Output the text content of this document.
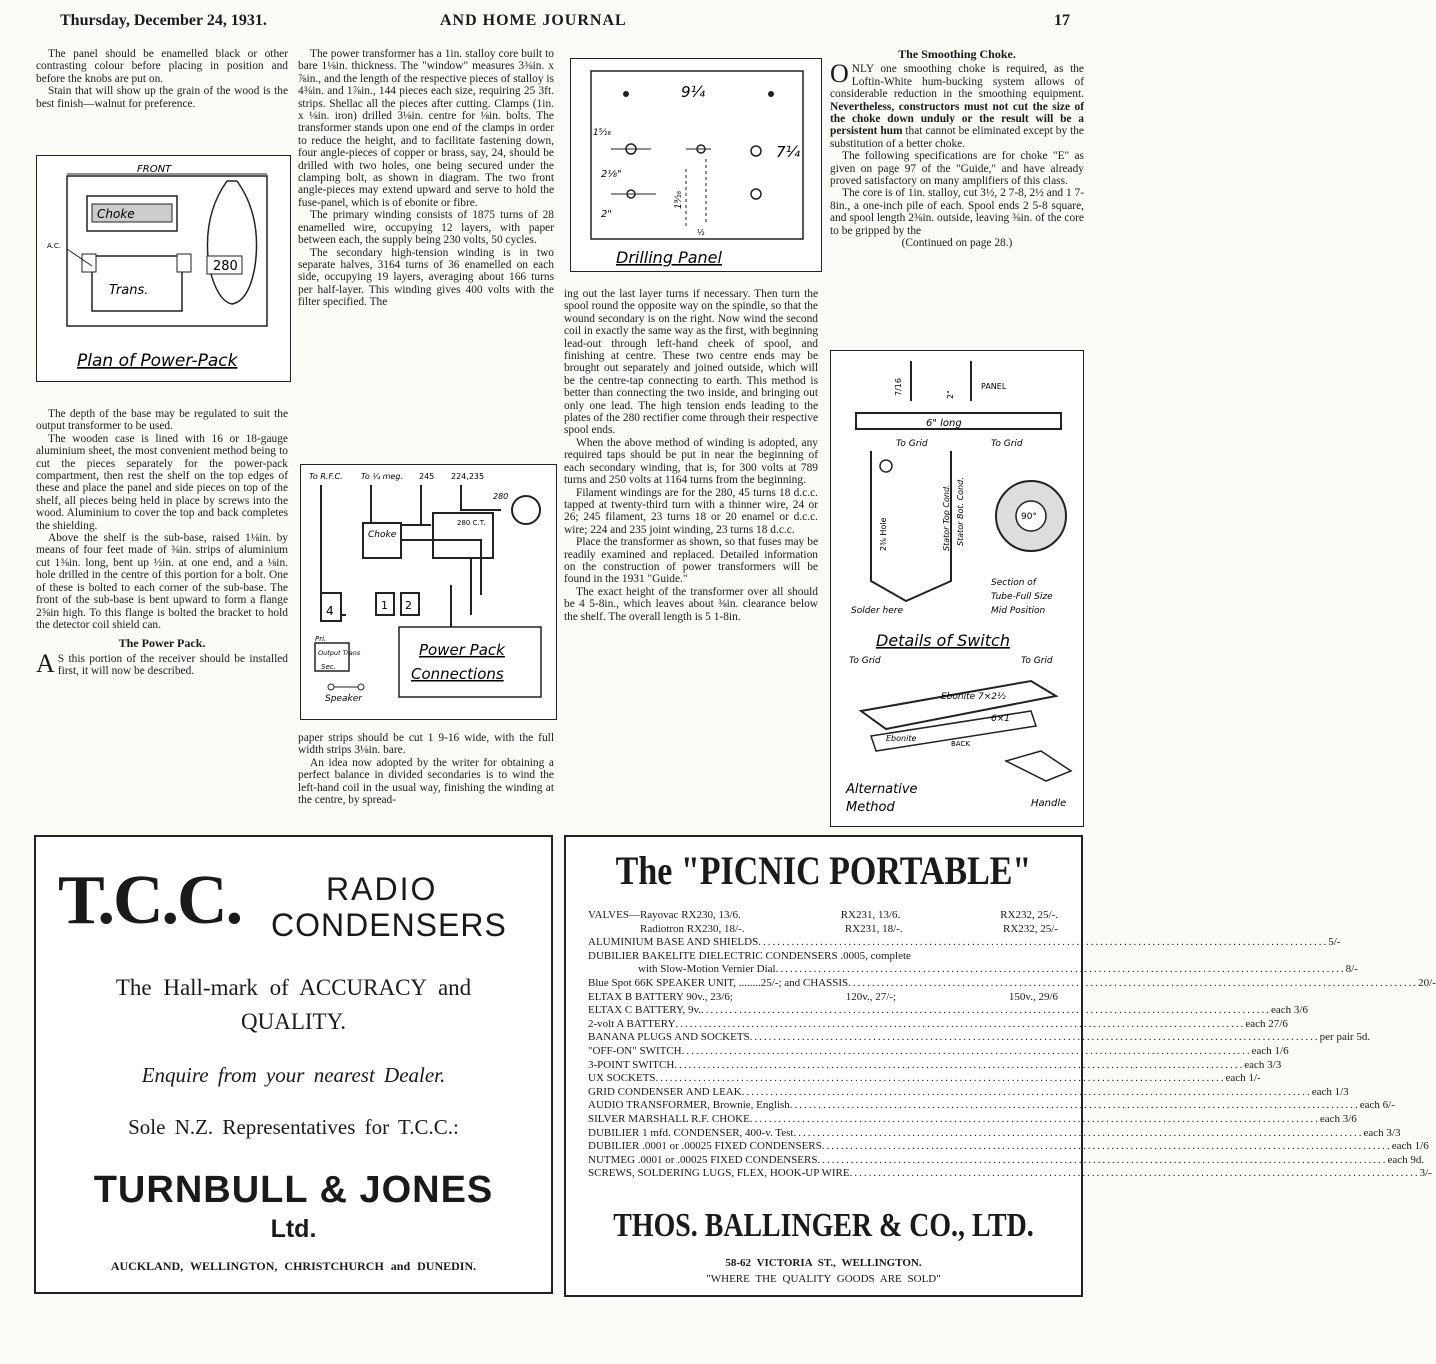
Thursday, December 24, 1931.	AND HOME JOURNAL	17

The panel should be enamelled black or other contrasting colour before placing in position and before the knobs are put on.

Stain that will show up the grain of the wood is the best finish—walnut for preference.

FRONT
Choke
Trans.
280
A.C.
Plan of Power-Pack

The depth of the base may be regulated to suit the output transformer to be used.

The wooden case is lined with 16 or 18-gauge aluminium sheet, the most convenient method being to cut the pieces separately for the power-pack compartment, then rest the shelf on the top edges of these and place the panel and side pieces on top of the shelf, all pieces being held in place by screws into the wood. Aluminium to cover the top and back completes the shielding.

Above the shelf is the sub-base, raised 1⅛in. by means of four feet made of ⅜in. strips of aluminium cut 1⅜in. long, bent up ½in. at one end, and a ⅛in. hole drilled in the centre of this portion for a bolt. One of these is bolted to each corner of the sub-base. The front of the sub-base is bent upward to form a flange 2⅝in high. To this flange is bolted the bracket to hold the detector coil shield can.

The Power Pack.

A S this portion of the receiver should be installed first, it will now be described.

The power transformer has a 1in. stalloy core built to bare 1⅛in. thickness. The "window" measures 3⅜in. x ⅞in., and the length of the respective pieces of stalloy is 4⅜in. and 1⅞in., 144 pieces each size, requiring 25 3ft. strips. Shellac all the pieces after cutting. Clamps (1in. x ⅛in. iron) drilled 3⅛in. centre for ⅛in. bolts. The transformer stands upon one end of the clamps in order to reduce the height, and to facilitate fastening down, four angle-pieces of copper or brass, say, 24, should be drilled with two holes, one being secured under the clamping bolt, as shown in diagram. The two front angle-pieces may extend upward and serve to hold the fuse-panel, which is of ebonite or fibre.

The primary winding consists of 1875 turns of 28 enamelled wire, occupying 12 layers, with paper between each, the supply being 230 volts, 50 cycles.

The secondary high-tension winding is in two separate halves, 3164 turns of 36 enamelled on each side, occupying 19 layers, averaging about 166 turns per half-layer. This winding gives 400 volts with the filter specified. The

To R.F.C. To ¼ meg. 245 224,235
280
280 C.T.
Choke
4	1 2
Pri.
Output Trans
Sec.
Speaker
Power Pack
Connections

paper strips should be cut 1 9-16 wide, with the full width strips 3⅛in. bare.

An idea now adopted by the writer for obtaining a perfect balance in divided secondaries is to wind the left-hand coil in the usual way, finishing the winding at the centre, by spread-

9¼
1⁵⁄₁₆
7¼
2⅛"
2"
1⁹⁄₁₆
½
Drilling Panel

ing out the last layer turns if necessary. Then turn the spool round the opposite way on the spindle, so that the wound secondary is on the right. Now wind the second coil in exactly the same way as the first, with beginning lead-out through left-hand cheek of spool, and finishing at centre. These two centre ends may be brought out separately and joined outside, which will be the centre-tap connecting to earth. This method is better than connecting the two inside, and bringing out only one lead. The high tension ends leading to the plates of the 280 rectifier come through their respective spool ends.

When the above method of winding is adopted, any required taps should be put in near the beginning of each secondary winding, that is, for 300 volts at 789 turns and 250 volts at 1164 turns from the beginning.

Filament windings are for the 280, 45 turns 18 d.c.c. tapped at twenty-third turn with a thinner wire, 24 or 26; 245 filament, 23 turns 18 or 20 enamel or d.c.c. wire; 224 and 235 joint winding, 23 turns 18 d.c.c.

Place the transformer as shown, so that fuses may be readily examined and replaced. Detailed information on the construction of power transformers will be found in the 1931 "Guide."

The exact height of the transformer over all should be 4 5-8in., which leaves about ⅜in. clearance below the shelf. The overall length is 5 1-8in.

The Smoothing Choke.

ONLY one smoothing choke is required, as the Loftin-White hum-bucking system allows of considerable reduction in the smoothing equipment. Nevertheless, constructors must not cut the size of the choke down unduly or the result will be a persistent hum that cannot be eliminated except by the substitution of a better choke.

The following specifications are for choke "E" as given on page 97 of the "Guide," and have already proved satisfactory on many amplifiers of this class.

The core is of 1in. stalloy, cut 3½, 2 7-8, 2½ and 1 7-8in., a one-inch pile of each. Spool ends 2 5-8 square, and spool length 2⅜in. outside, leaving ⅜in. of the core to be gripped by the

(Continued on page 28.)
7/16	2"
PANEL
6" long
To Grid	To Grid
2⅜ Hole	Stator Top Cond. Stator Bot. Cond.	90°
Section of
Tube-Full Size
Mid Position
Solder here
Details of Switch
To Grid	To Grid
Ebonite 7×2½
Ebonite
6×1
BACK
Alternative
Method	Handle
T.C.C.	RADIO
CONDENSERS
The Hall-mark of ACCURACY and
QUALITY.
Enquire from your nearest Dealer.
Sole N.Z. Representatives for T.C.C.:
TURNBULL & JONES
Ltd.
AUCKLAND, WELLINGTON, CHRISTCHURCH and DUNEDIN.
The "PICNIC PORTABLE"
VALVES—Rayovac RX230, 13/6.	RX231, 13/6.	RX232, 25/-.
Radiotron RX230, 18/-.	RX231, 18/-.	RX232, 25/-
ALUMINIUM BASE AND SHIELDS ........................................................................................................................ 5/-
DUBILIER BAKELITE DIELECTRIC CONDENSERS .0005, complete
with Slow-Motion Vernier Dial ........................................................................................................................ 8/-
Blue Spot 66K SPEAKER UNIT, ........25/-; and CHASSIS ........................................................................................................................ 20/-
ELTAX B BATTERY 90v., 23/6;	120v., 27/-;	150v., 29/6
ELTAX C BATTERY, 9v. ........................................................................................................................ each 3/6
2-volt A BATTERY ........................................................................................................................ each 27/6
BANANA PLUGS AND SOCKETS ........................................................................................................................ per pair 5d.
"OFF-ON" SWITCH ........................................................................................................................ each 1/6
3-POINT SWITCH ........................................................................................................................ each 3/3
UX SOCKETS ........................................................................................................................ each 1/-
GRID CONDENSER AND LEAK ........................................................................................................................ each 1/3
AUDIO TRANSFORMER, Brownie, English ........................................................................................................................ each 6/-
SILVER MARSHALL R.F. CHOKE ........................................................................................................................ each 3/6
DUBILIER 1 mfd. CONDENSER, 400-v. Test ........................................................................................................................ each 3/3
DUBILIER .0001 or .00025 FIXED CONDENSERS ........................................................................................................................ each 1/6
NUTMEG .0001 or .00025 FIXED CONDENSERS ........................................................................................................................ each 9d.
SCREWS, SOLDERING LUGS, FLEX, HOOK-UP WIRE ........................................................................................................................ 3/-
THOS. BALLINGER & CO., LTD.
58-62 VICTORIA ST., WELLINGTON.
"WHERE THE QUALITY GOODS ARE SOLD"
